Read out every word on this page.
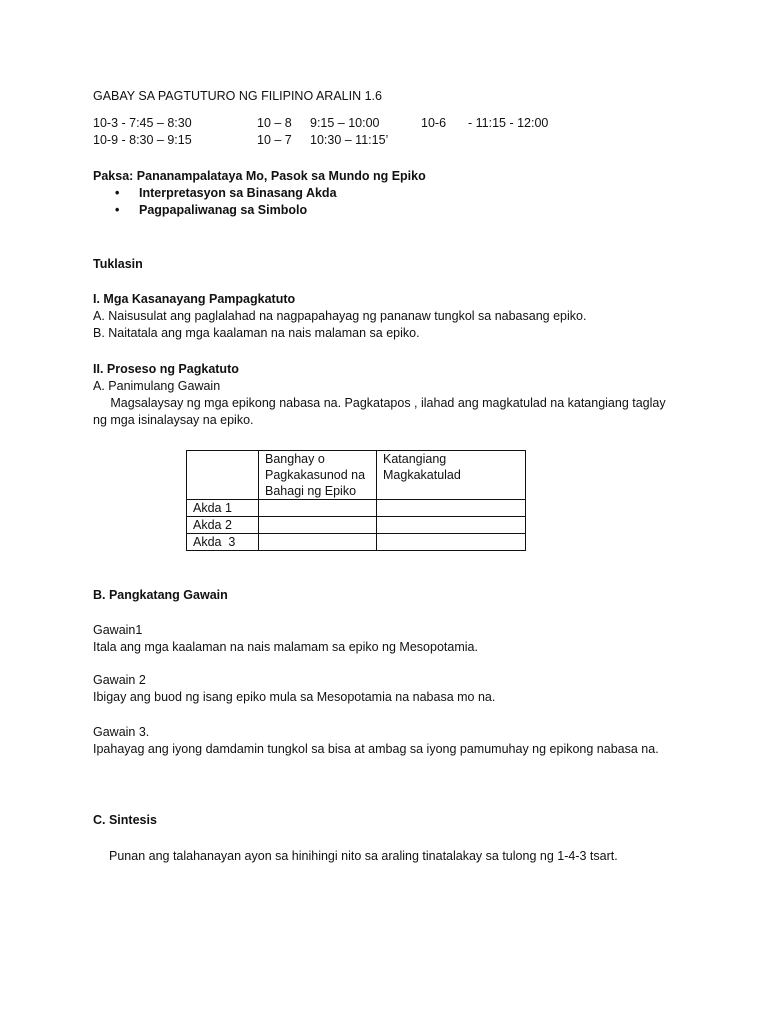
GABAY SA PAGTUTURO NG FILIPINO ARALIN 1.6
10-3 - 7:45 – 8:30	10 – 8 9:15 – 10:00	10-6 - 11:15 - 12:00
10-9 - 8:30 – 9:15	10 – 7 10:30 – 11:15’
Paksa: Pananampalataya Mo, Pasok sa Mundo ng Epiko
• Interpretasyon sa Binasang Akda
• Pagpapaliwanag sa Simbolo
Tuklasin
I. Mga Kasanayang Pampagkatuto
A. Naisusulat ang paglalahad na nagpapahayag ng pananaw tungkol sa nabasang epiko.
B. Naitatala ang mga kaalaman na nais malaman sa epiko.
II. Proseso ng Pagkatuto
A. Panimulang Gawain
Magsalaysay ng mga epikong nabasa na. Pagkatapos , ilahad ang magkatulad na katangiang taglay
ng mga isinalaysay na epiko.

	Banghay o
Pagkakasunod na
Bahagi ng Epiko	Katangiang
Magkakatulad

Akda 1		
Akda 2		
Akda  3		
B. Pangkatang Gawain
Gawain1
Itala ang mga kaalaman na nais malamam sa epiko ng Mesopotamia.
Gawain 2
Ibigay ang buod ng isang epiko mula sa Mesopotamia na nabasa mo na.
Gawain 3.
Ipahayag ang iyong damdamin tungkol sa bisa at ambag sa iyong pamumuhay ng epikong nabasa na.
C. Sintesis
Punan ang talahanayan ayon sa hinihingi nito sa araling tinatalakay sa tulong ng 1-4-3 tsart.
